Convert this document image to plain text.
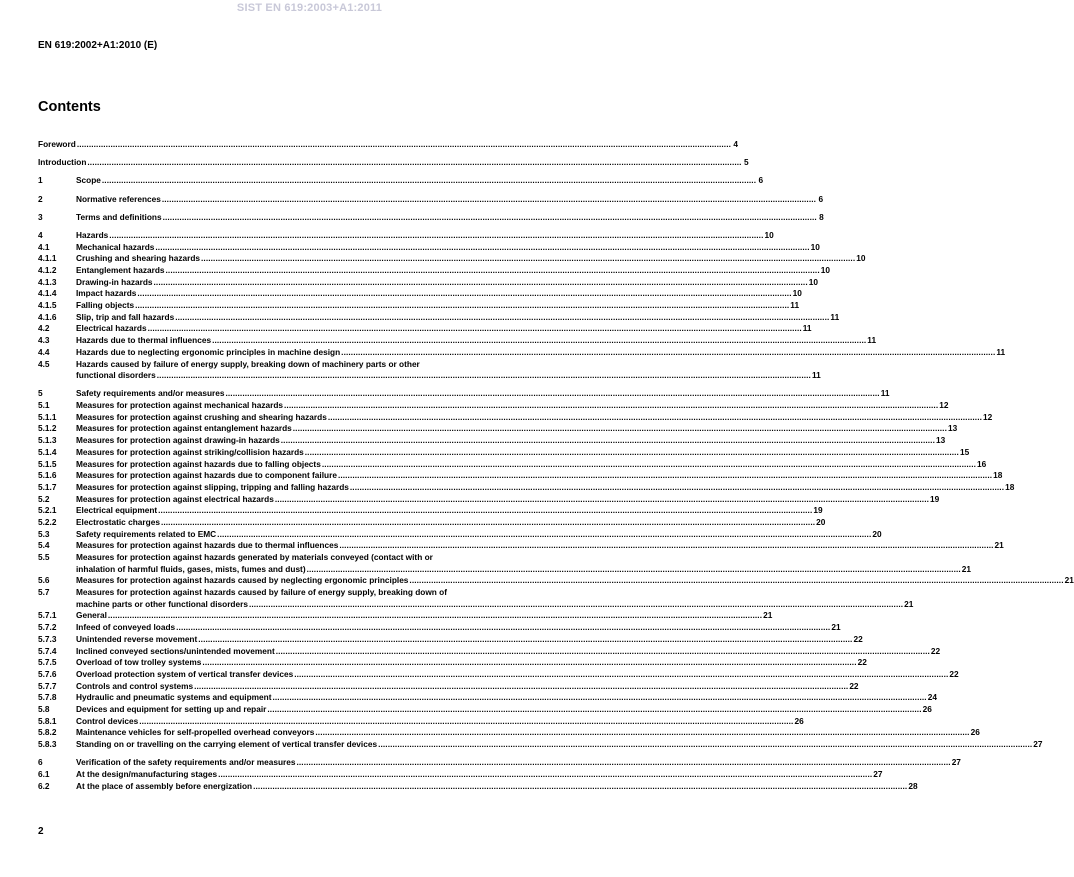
SIST EN 619:2003+A1:2011
EN 619:2002+A1:2010 (E)
Contents
Foreword .....	4
Introduction .....	5
1	Scope .....	6
2	Normative references .....	6
3	Terms and definitions .....	8
4	Hazards .....	10
4.1	Mechanical hazards .....	10
4.1.1	Crushing and shearing hazards .....	10
4.1.2	Entanglement hazards .....	10
4.1.3	Drawing-in hazards .....	10
4.1.4	Impact hazards .....	10
4.1.5	Falling objects .....	11
4.1.6	Slip, trip and fall hazards .....	11
4.2	Electrical hazards .....	11
4.3	Hazards due to thermal influences .....	11
4.4	Hazards due to neglecting ergonomic principles in machine design .....	11
4.5	Hazards caused by failure of energy supply, breaking down of machinery parts or other
functional disorders .....	11
5	Safety requirements and/or measures .....	11
5.1	Measures for protection against mechanical hazards .....	12
5.1.1	Measures for protection against crushing and shearing hazards .....	12
5.1.2	Measures for protection against entanglement hazards .....	13
5.1.3	Measures for protection against drawing-in hazards .....	13
5.1.4	Measures for protection against striking/collision hazards .....	15
5.1.5	Measures for protection against hazards due to falling objects .....	16
5.1.6	Measures for protection against hazards due to component failure .....	18
5.1.7	Measures for protection against slipping, tripping and falling hazards .....	18
5.2	Measures for protection against electrical hazards .....	19
5.2.1	Electrical equipment .....	19
5.2.2	Electrostatic charges .....	20
5.3	Safety requirements related to EMC .....	20
5.4	Measures for protection against hazards due to thermal influences .....	21
5.5	Measures for protection against hazards generated by materials conveyed (contact with or
inhalation of harmful fluids, gases, mists, fumes and dust) .....	21
5.6	Measures for protection against hazards caused by neglecting ergonomic principles .....	21
5.7	Measures for protection against hazards caused by failure of energy supply, breaking down of
machine parts or other functional disorders .....	21
5.7.1	General .....	21
5.7.2	Infeed of conveyed loads .....	21
5.7.3	Unintended reverse movement .....	22
5.7.4	Inclined conveyed sections/unintended movement .....	22
5.7.5	Overload of tow trolley systems .....	22
5.7.6	Overload protection system of vertical transfer devices .....	22
5.7.7	Controls and control systems .....	22
5.7.8	Hydraulic and pneumatic systems and equipment .....	24
5.8	Devices and equipment for setting up and repair .....	26
5.8.1	Control devices .....	26
5.8.2	Maintenance vehicles for self-propelled overhead conveyors .....	26
5.8.3	Standing on or travelling on the carrying element of vertical transfer devices .....	27
6	Verification of the safety requirements and/or measures .....	27
6.1	At the design/manufacturing stages .....	27
6.2	At the place of assembly before energization .....	28
2
